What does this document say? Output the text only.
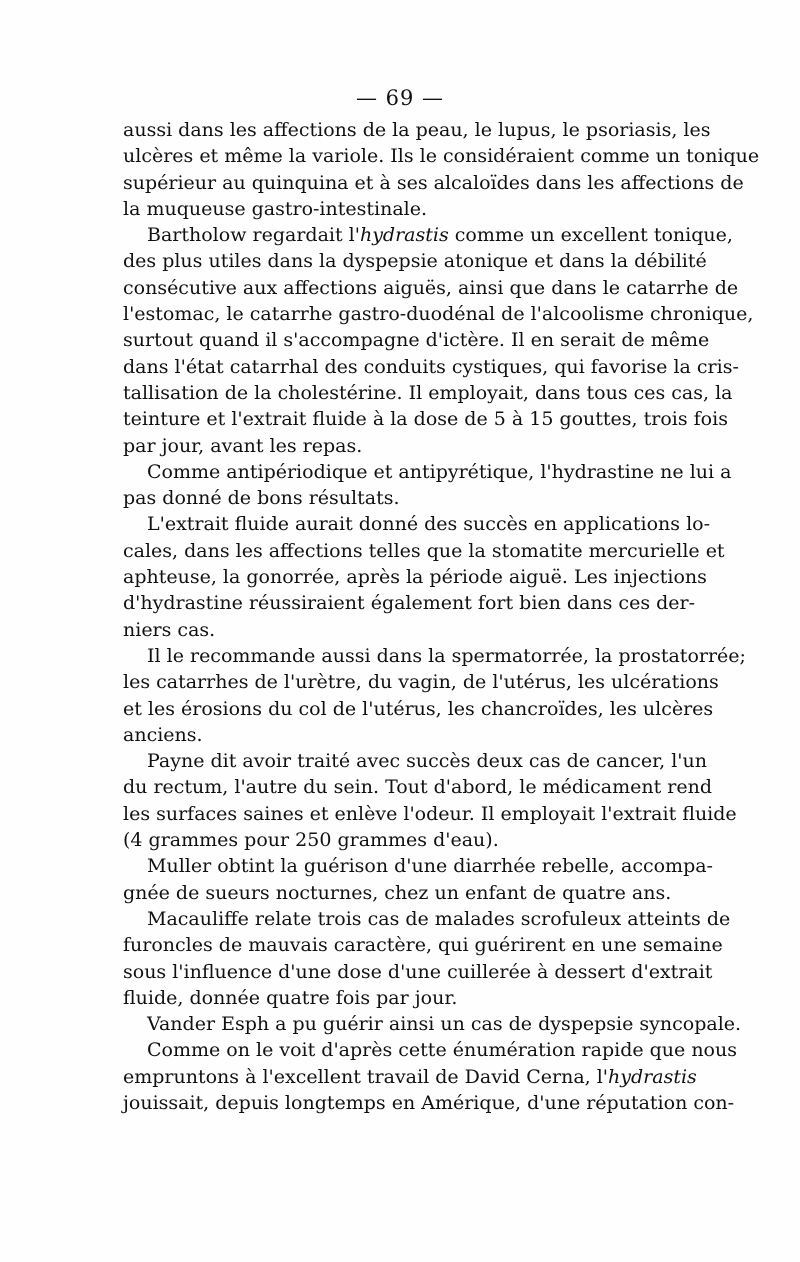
— 69 —
aussi dans les affections de la peau, le lupus, le psoriasis, les
ulcères et même la variole. Ils le considéraient comme un tonique
supérieur au quinquina et à ses alcaloïdes dans les affections de
la muqueuse gastro-intestinale.
Bartholow regardait l'hydrastis comme un excellent tonique,
des plus utiles dans la dyspepsie atonique et dans la débilité
consécutive aux affections aiguës, ainsi que dans le catarrhe de
l'estomac, le catarrhe gastro-duodénal de l'alcoolisme chronique,
surtout quand il s'accompagne d'ictère. Il en serait de même
dans l'état catarrhal des conduits cystiques, qui favorise la cris-
tallisation de la cholestérine. Il employait, dans tous ces cas, la
teinture et l'extrait fluide à la dose de 5 à 15 gouttes, trois fois
par jour, avant les repas.
Comme antipériodique et antipyrétique, l'hydrastine ne lui a
pas donné de bons résultats.
L'extrait fluide aurait donné des succès en applications lo-
cales, dans les affections telles que la stomatite mercurielle et
aphteuse, la gonorrée, après la période aiguë. Les injections
d'hydrastine réussiraient également fort bien dans ces der-
niers cas.
Il le recommande aussi dans la spermatorrée, la prostatorrée;
les catarrhes de l'urètre, du vagin, de l'utérus, les ulcérations
et les érosions du col de l'utérus, les chancroïdes, les ulcères
anciens.
Payne dit avoir traité avec succès deux cas de cancer, l'un
du rectum, l'autre du sein. Tout d'abord, le médicament rend
les surfaces saines et enlève l'odeur. Il employait l'extrait fluide
(4 grammes pour 250 grammes d'eau).
Muller obtint la guérison d'une diarrhée rebelle, accompa-
gnée de sueurs nocturnes, chez un enfant de quatre ans.
Macauliffe relate trois cas de malades scrofuleux atteints de
furoncles de mauvais caractère, qui guérirent en une semaine
sous l'influence d'une dose d'une cuillerée à dessert d'extrait
fluide, donnée quatre fois par jour.
Vander Esph a pu guérir ainsi un cas de dyspepsie syncopale.
Comme on le voit d'après cette énumération rapide que nous
empruntons à l'excellent travail de David Cerna, l'hydrastis
jouissait, depuis longtemps en Amérique, d'une réputation con-
